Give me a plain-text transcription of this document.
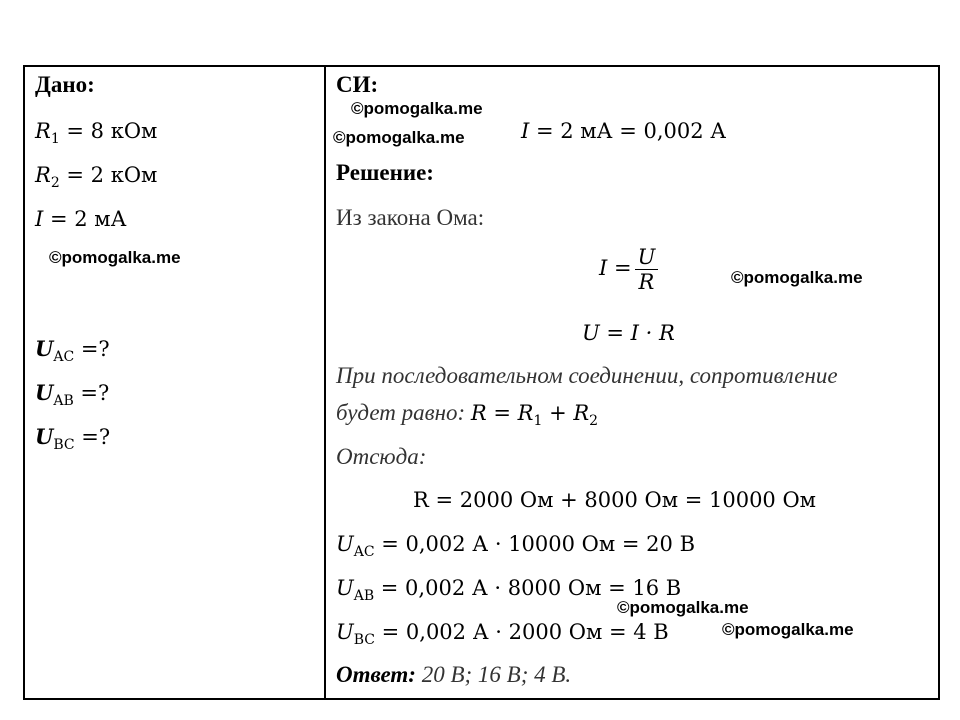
Дано:
$R_1 = 8$ кОм
$R_2 = 2$ кОм
I = 2 мА
$U_{AC}$ =?
$U_{AB}$ =?
$U_{BC}$ =?
СИ:
I = 2 мА = 0,002 А
Решение:
Из закона Ома:
$I = \frac{U}{R}$
U = I · R
При последовательном соединении, сопротивление
будет равно: $R = R_1 + R_2$
Отсюда:
R = 2000 Ом + 8000 Ом = 10000 Ом
$U_{AC} = 0,002$ А · 10000 Ом = 20 В
$U_{AB} = 0,002$ А · 8000 Ом = 16 В
$U_{BC} = 0,002$ А · 2000 Ом = 4 В
Ответ: 20 В; 16 В; 4 В.
©pomogalka.me
©pomogalka.me
©pomogalka.me
©pomogalka.me
©pomogalka.me
©pomogalka.me
